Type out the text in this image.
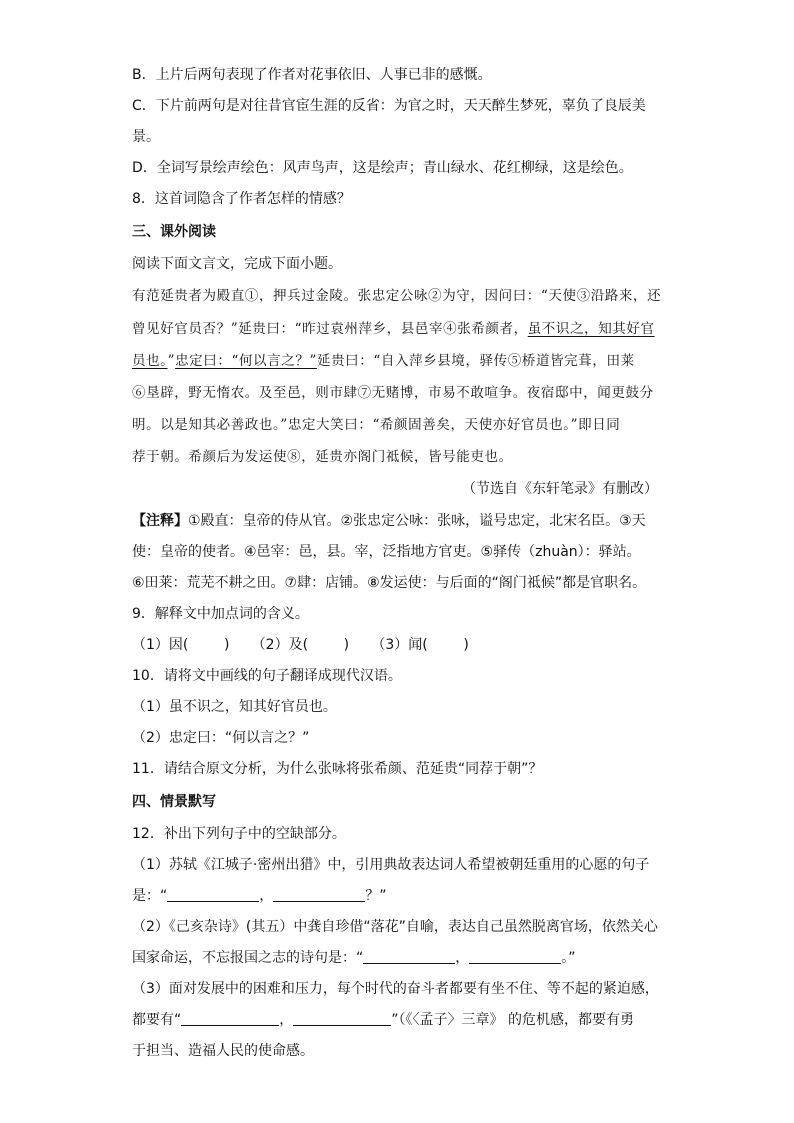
B．上片后两句表现了作者对花事依旧、人事已非的感慨。
C．下片前两句是对往昔官宦生涯的反省：为官之时，天天醉生梦死，辜负了良辰美
景。
D．全词写景绘声绘色：风声鸟声，这是绘声；青山绿水、花红柳绿，这是绘色。
8．这首词隐含了作者怎样的情感？
三、课外阅读
阅读下面文言文，完成下面小题。
有范延贵者为殿直①，押兵过金陵。张忠定公咏②为守，因问曰：“天使③沿路来，还
曾见好官员否？”延贵曰：“昨过袁州萍乡，县邑宰④张希颜者，虽不识之，知其好官
员也。”忠定曰：“何以言之？”延贵曰：“自入萍乡县境，驿传⑤桥道皆完葺，田莱
⑥垦辟，野无惰农。及至邑，则市肆⑦无赌博，市易不敢喧争。夜宿邸中，闻更鼓分
明。以是知其必善政也。”忠定大笑曰：“希颜固善矣，天使亦好官员也。”即日同
荐于朝。希颜后为发运使⑧，延贵亦阁门祗候，皆号能吏也。
（节选自《东轩笔录》有删改）
【注释】①殿直：皇帝的侍从官。②张忠定公咏：张咏，谥号忠定，北宋名臣。③天
使：皇帝的使者。④邑宰：邑，县。宰，泛指地方官吏。⑤驿传（zhuàn）：驿站。
⑥田莱：荒芜不耕之田。⑦肆：店铺。⑧发运使：与后面的“阁门祗候”都是官职名。
9．解释文中加点词的含义。
（1）因(        )     （2）及(        )     （3）闻(        )
10．请将文中画线的句子翻译成现代汉语。
（1）虽不识之，知其好官员也。
（2）忠定曰：“何以言之？”
11．请结合原文分析，为什么张咏将张希颜、范延贵“同荐于朝”？
四、情景默写
12．补出下列句子中的空缺部分。
（1）苏轼《江城子·密州出猎》中，引用典故表达词人希望被朝廷重用的心愿的句子
是：“	，	？”
（2）《己亥杂诗》(其五）中龚自珍借“落花”自喻，表达自己虽然脱离官场，依然关心
国家命运，不忘报国之志的诗句是：“	，	。”
（3）面对发展中的困难和压力，每个时代的奋斗者都要有坐不住、等不起的紧迫感，
都要有“	，	”（《〈孟子〉三章》 的危机感，都要有勇
于担当、造福人民的使命感。
